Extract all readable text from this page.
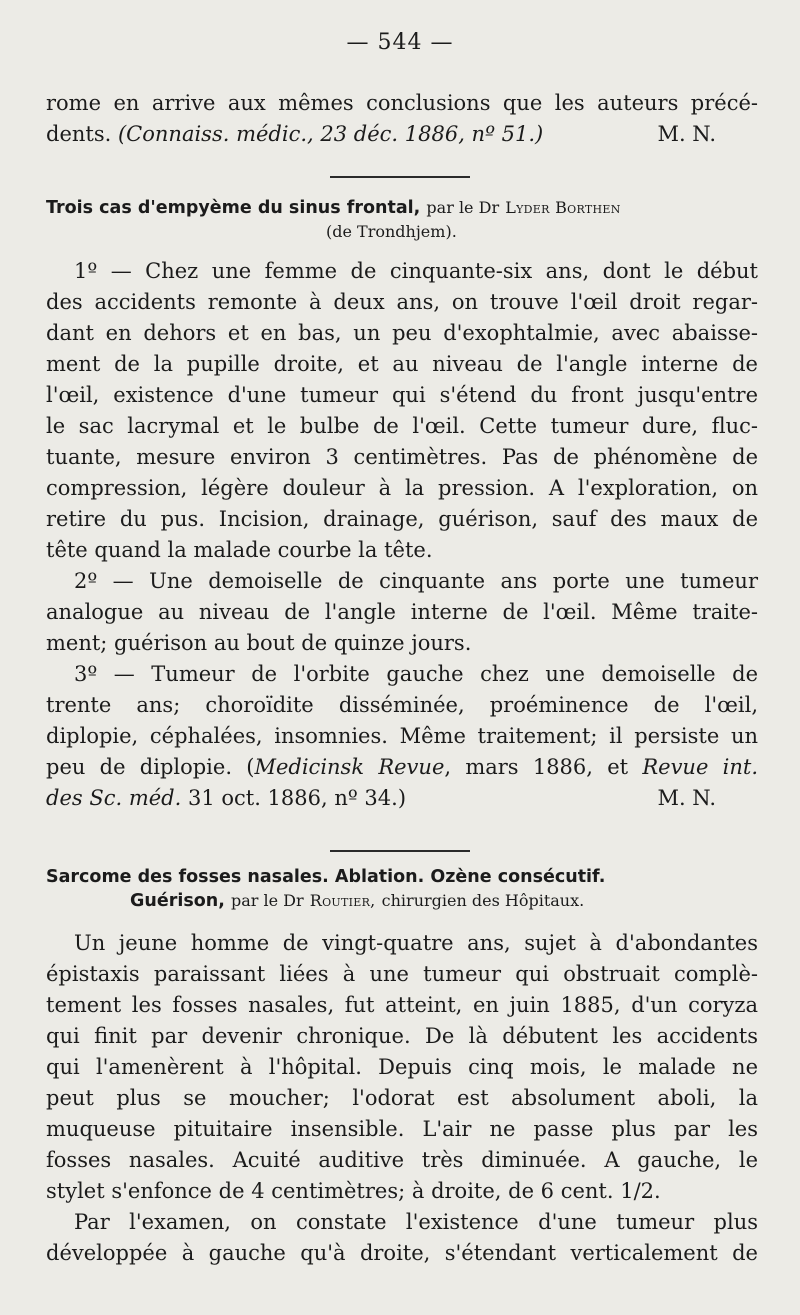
— 544 —
rome en arrive aux mêmes conclusions que les auteurs précé-
dents. (Connaiss. médic., 23 déc. 1886, nº 51.)	M. N.
Trois cas d'empyème du sinus frontal, par le Dr Lyder Borthen
(de Trondhjem).
1º — Chez une femme de cinquante-six ans, dont le début
des accidents remonte à deux ans, on trouve l'œil droit regar-
dant en dehors et en bas, un peu d'exophtalmie, avec abaisse-
ment de la pupille droite, et au niveau de l'angle interne de
l'œil, existence d'une tumeur qui s'étend du front jusqu'entre
le sac lacrymal et le bulbe de l'œil. Cette tumeur dure, fluc-
tuante, mesure environ 3 centimètres. Pas de phénomène de
compression, légère douleur à la pression. A l'exploration, on
retire du pus. Incision, drainage, guérison, sauf des maux de
tête quand la malade courbe la tête.
2º — Une demoiselle de cinquante ans porte une tumeur
analogue au niveau de l'angle interne de l'œil. Même traite-
ment; guérison au bout de quinze jours.
3º — Tumeur de l'orbite gauche chez une demoiselle de
trente ans; choroïdite disséminée, proéminence de l'œil,
diplopie, céphalées, insomnies. Même traitement; il persiste un
peu de diplopie. (Medicinsk Revue, mars 1886, et Revue int.
des Sc. méd. 31 oct. 1886, nº 34.)	M. N.
Sarcome des fosses nasales. Ablation. Ozène consécutif.
Guérison, par le Dr Routier, chirurgien des Hôpitaux.
Un jeune homme de vingt-quatre ans, sujet à d'abondantes
épistaxis paraissant liées à une tumeur qui obstruait complè-
tement les fosses nasales, fut atteint, en juin 1885, d'un coryza
qui finit par devenir chronique. De là débutent les accidents
qui l'amenèrent à l'hôpital. Depuis cinq mois, le malade ne
peut plus se moucher; l'odorat est absolument aboli, la
muqueuse pituitaire insensible. L'air ne passe plus par les
fosses nasales. Acuité auditive très diminuée. A gauche, le
stylet s'enfonce de 4 centimètres; à droite, de 6 cent. 1/2.
Par l'examen, on constate l'existence d'une tumeur plus
développée à gauche qu'à droite, s'étendant verticalement de
